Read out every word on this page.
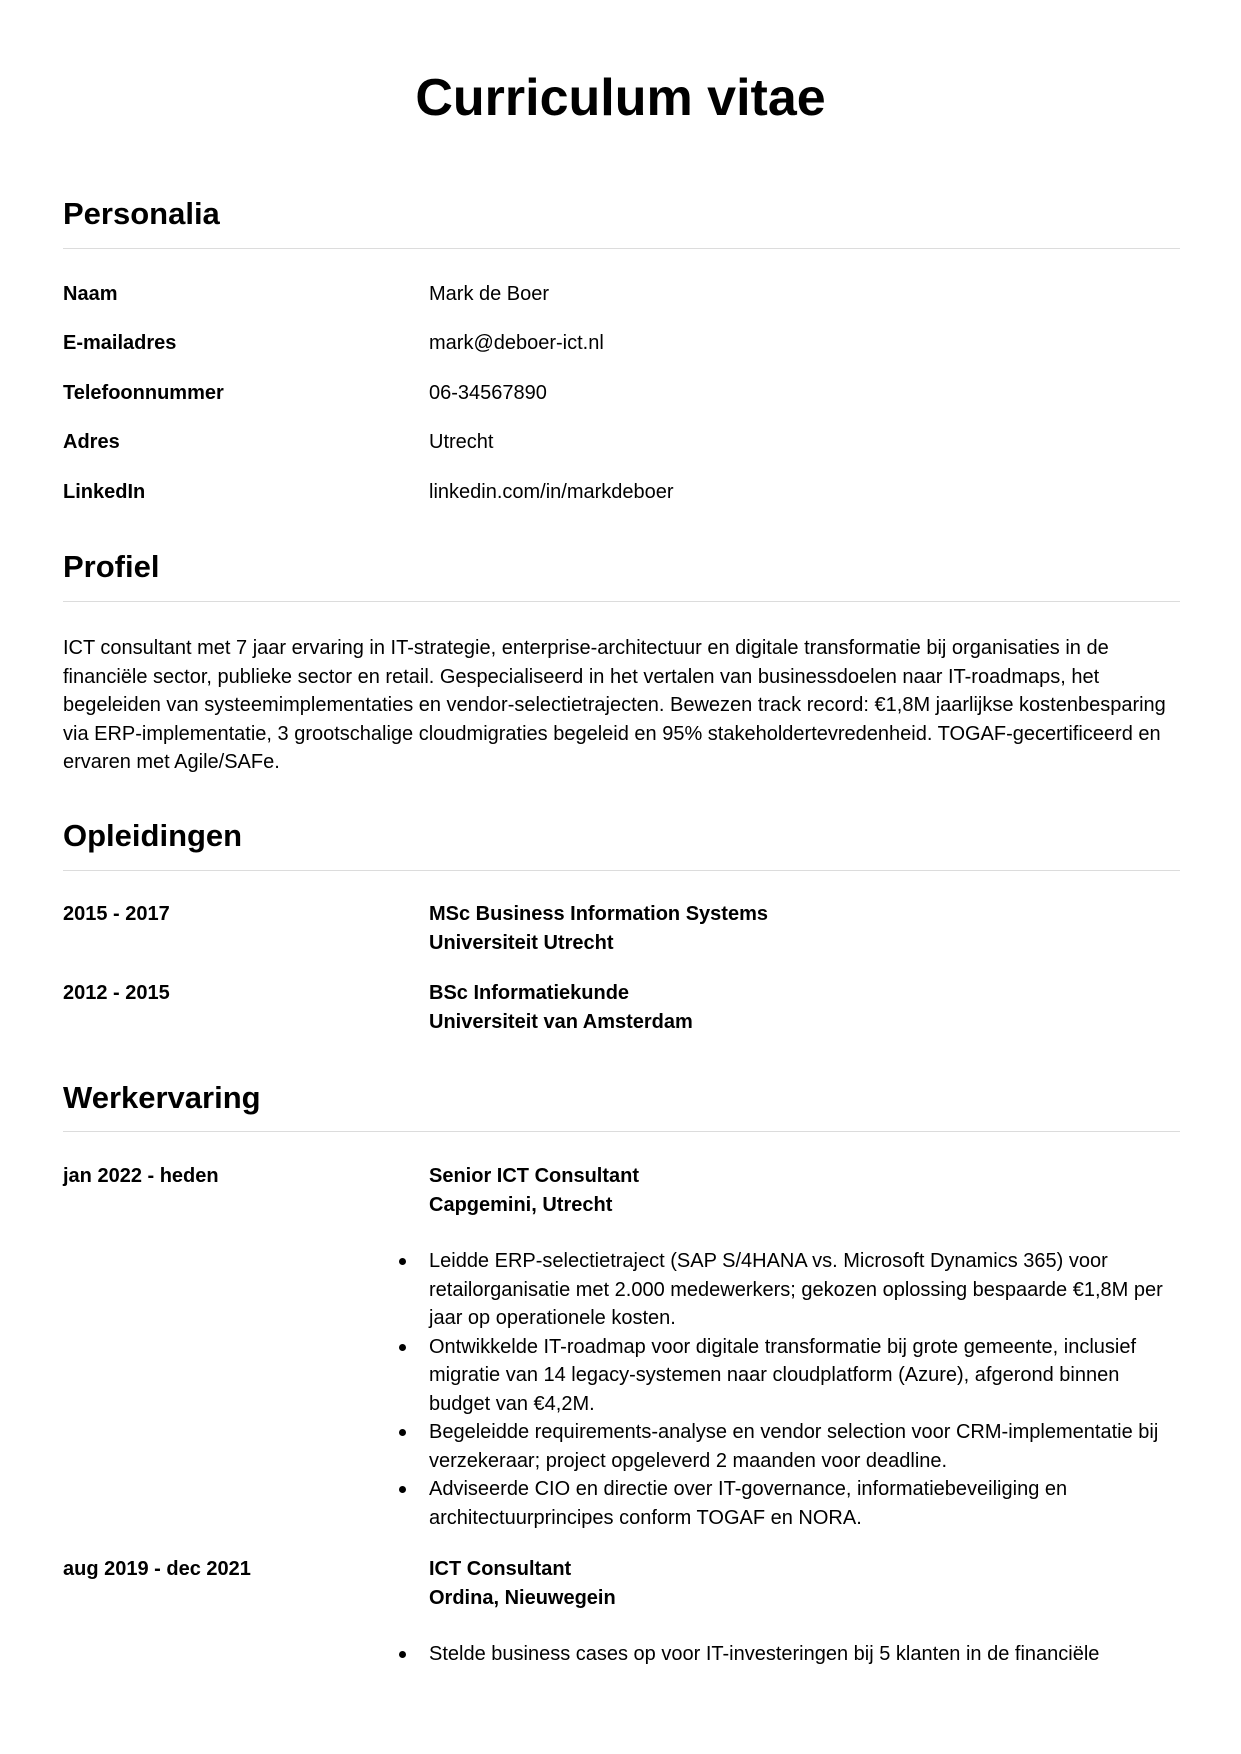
Curriculum vitae
Personalia
Naam	Mark de Boer
E-mailadres	mark@deboer-ict.nl
Telefoonnummer	06-34567890
Adres	Utrecht
LinkedIn	linkedin.com/in/markdeboer
Profiel

ICT consultant met 7 jaar ervaring in IT-strategie, enterprise-architectuur en digitale transformatie bij organisaties in de financiële sector, publieke sector en retail. Gespecialiseerd in het vertalen van businessdoelen naar IT-roadmaps, het begeleiden van systeemimplementaties en vendor-selectietrajecten. Bewezen track record: €1,8M jaarlijkse kostenbesparing via ERP-implementatie, 3 grootschalige cloudmigraties begeleid en 95% stakeholdertevredenheid. TOGAF-gecertificeerd en ervaren met Agile/SAFe.

Opleidingen
2015 - 2017	MSc Business Information Systems
Universiteit Utrecht
2012 - 2015	BSc Informatiekunde
Universiteit van Amsterdam
Werkervaring
jan 2022 - heden	Senior ICT Consultant
Capgemini, Utrecht
Leidde ERP-selectietraject (SAP S/4HANA vs. Microsoft Dynamics 365) voor retailorganisatie met 2.000 medewerkers; gekozen oplossing bespaarde €1,8M per jaar op operationele kosten.
Ontwikkelde IT-roadmap voor digitale transformatie bij grote gemeente, inclusief migratie van 14 legacy-systemen naar cloudplatform (Azure), afgerond binnen budget van €4,2M.
Begeleidde requirements-analyse en vendor selection voor CRM-implementatie bij verzekeraar; project opgeleverd 2 maanden voor deadline.
Adviseerde CIO en directie over IT-governance, informatiebeveiliging en architectuurprincipes conform TOGAF en NORA.
aug 2019 - dec 2021	ICT Consultant
Ordina, Nieuwegein
Stelde business cases op voor IT-investeringen bij 5 klanten in de financiële
